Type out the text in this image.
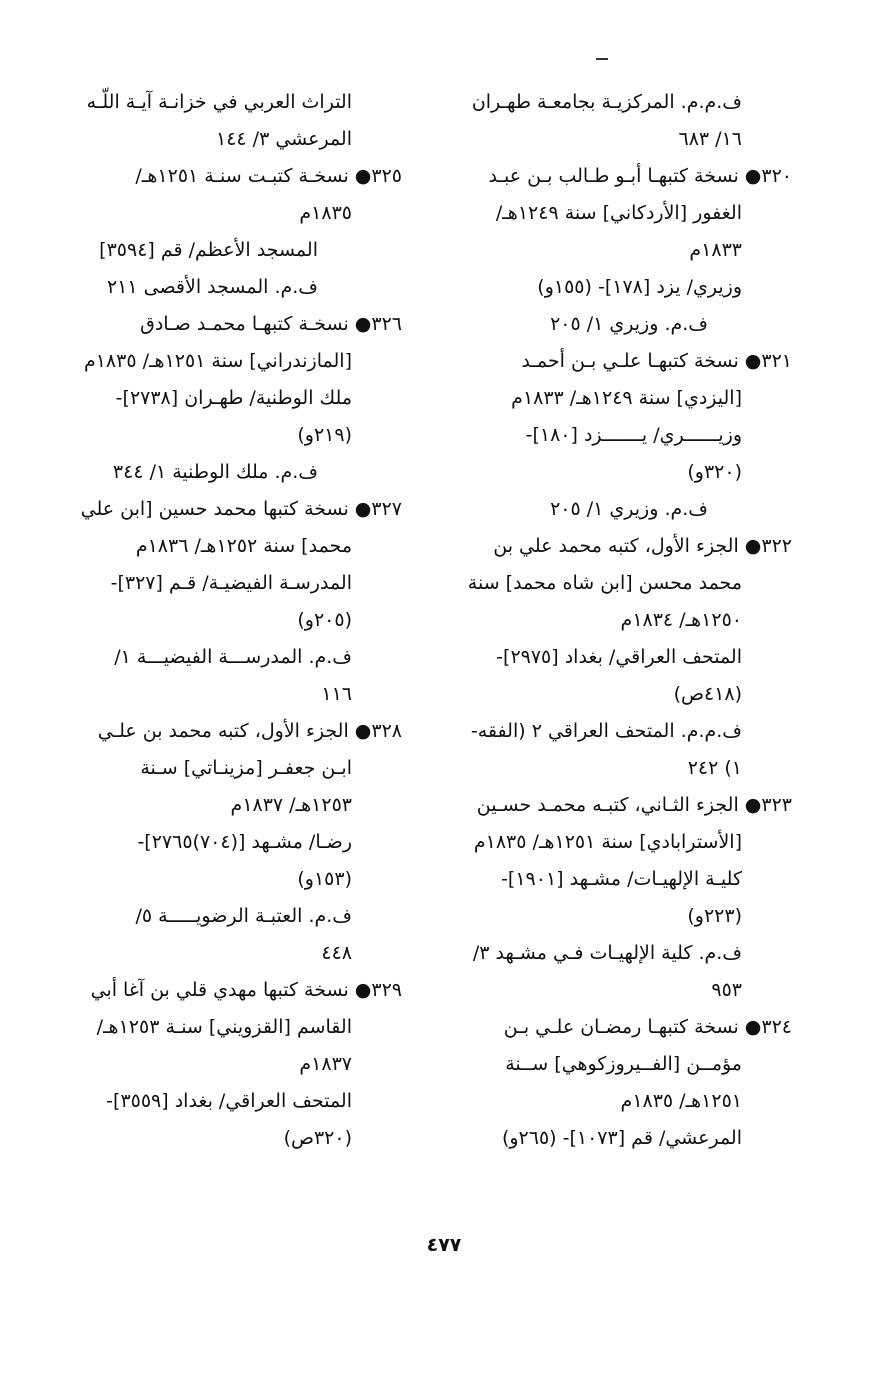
ف.م.م. المركزيـة بجامعـة طهـران
١٦/ ٦٨٣
٣٢٠● نسخة كتبهـا أبـو طـالب بـن عبـد
الغفور [الأردكاني] سنة ١٢٤٩هـ/
١٨٣٣م
وزيري/ يزد [١٧٨]- (١٥٥و)
ف.م. وزيري ١/ ٢٠٥
٣٢١● نسخة كتبهـا علـي بـن أحمـد
[اليزدي] سنة ١٢٤٩هـ/ ١٨٣٣م
وزيــــــري/ يـــــــزد [١٨٠]-
(٣٢٠و)
ف.م. وزيري ١/ ٢٠٥
٣٢٢● الجزء الأول، كتبه محمد علي بن
محمد محسن [ابن شاه محمد] سنة
١٢٥٠هـ/ ١٨٣٤م
المتحف العراقي/ بغداد [٢٩٧٥]-
(٤١٨ص)
ف.م.م. المتحف العراقي ٢ (الفقه-
١) ٢٤٢
٣٢٣● الجزء الثـاني، كتبـه محمـد حسـين
[الأسترابادي] سنة ١٢٥١هـ/ ١٨٣٥م
كليـة الإلهيـات/ مشـهد [١٩٠١]-
(٢٢٣و)
ف.م. كلية الإلهيـات فـي مشـهد ٣/
٩٥٣
٣٢٤● نسخة كتبهـا رمضـان علـي بـن
مؤمــن [الفــيروزكوهي] ســنة
١٢٥١هـ/ ١٨٣٥م
المرعشي/ قم [١٠٧٣]- (٢٦٥و)
التراث العربي في خزانـة آيـة اللّـه
المرعشي ٣/ ١٤٤
٣٢٥● نسخـة كتبـت سنـة ١٢٥١هـ/
١٨٣٥م
المسجد الأعظم/ قم [٣٥٩٤]
ف.م. المسجد الأقصى ٢١١
٣٢٦● نسخـة كتبهـا محمـد صـادق
[المازندراني] سنة ١٢٥١هـ/ ١٨٣٥م
ملك الوطنية/ طهـران [٢٧٣٨]-
(٢١٩و)
ف.م. ملك الوطنية ١/ ٣٤٤
٣٢٧● نسخة كتبها محمد حسين [ابن علي
محمد] سنة ١٢٥٢هـ/ ١٨٣٦م
المدرسـة الفيضيـة/ قـم [٣٢٧]-
(٢٠٥و)
ف.م. المدرســـة الفيضيـــة ١/
١١٦
٣٢٨● الجزء الأول، كتبه محمد بن علـي
ابـن جعفـر [مزينـاتي] سـنة
١٢٥٣هـ/ ١٨٣٧م
رضـا/ مشـهد [(٧٠٤)٢٧٦٥]-
(١٥٣و)
ف.م. العتبـة الرضويـــــة ٥/
٤٤٨
٣٢٩● نسخة كتبها مهدي قلي بن آغا أبي
القاسم [القزويني] سنـة ١٢٥٣هـ/
١٨٣٧م
المتحف العراقي/ بغداد [٣٥٥٩]-
(٣٢٠ص)
٤٧٧
